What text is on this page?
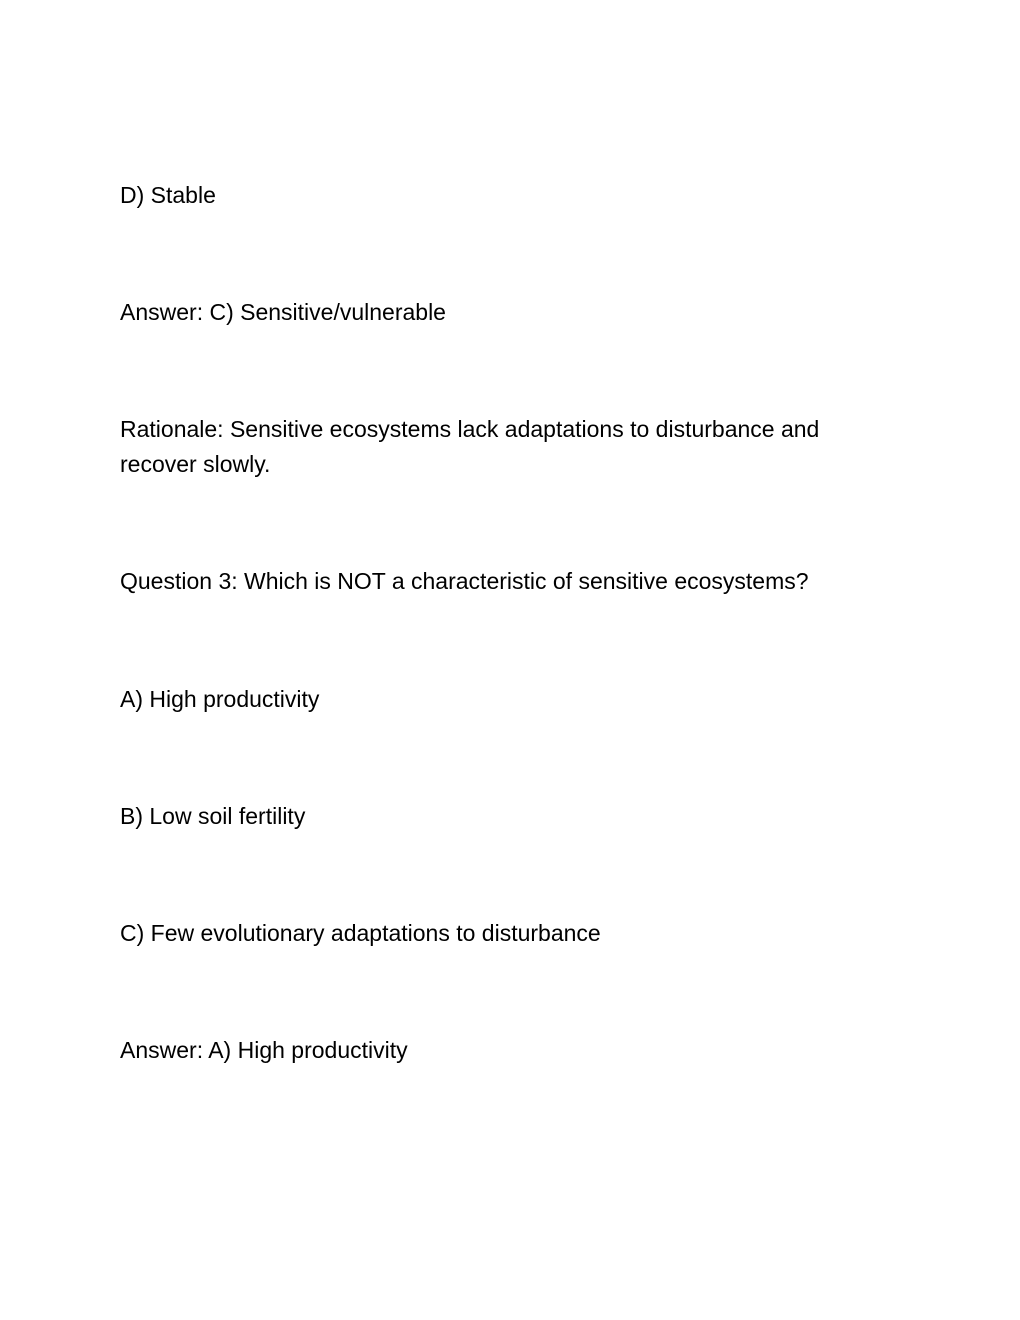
D) Stable

Answer: C) Sensitive/vulnerable

Rationale: Sensitive ecosystems lack adaptations to disturbance and recover slowly.

Question 3: Which is NOT a characteristic of sensitive ecosystems?

A) High productivity

B) Low soil fertility

C) Few evolutionary adaptations to disturbance

Answer: A) High productivity
